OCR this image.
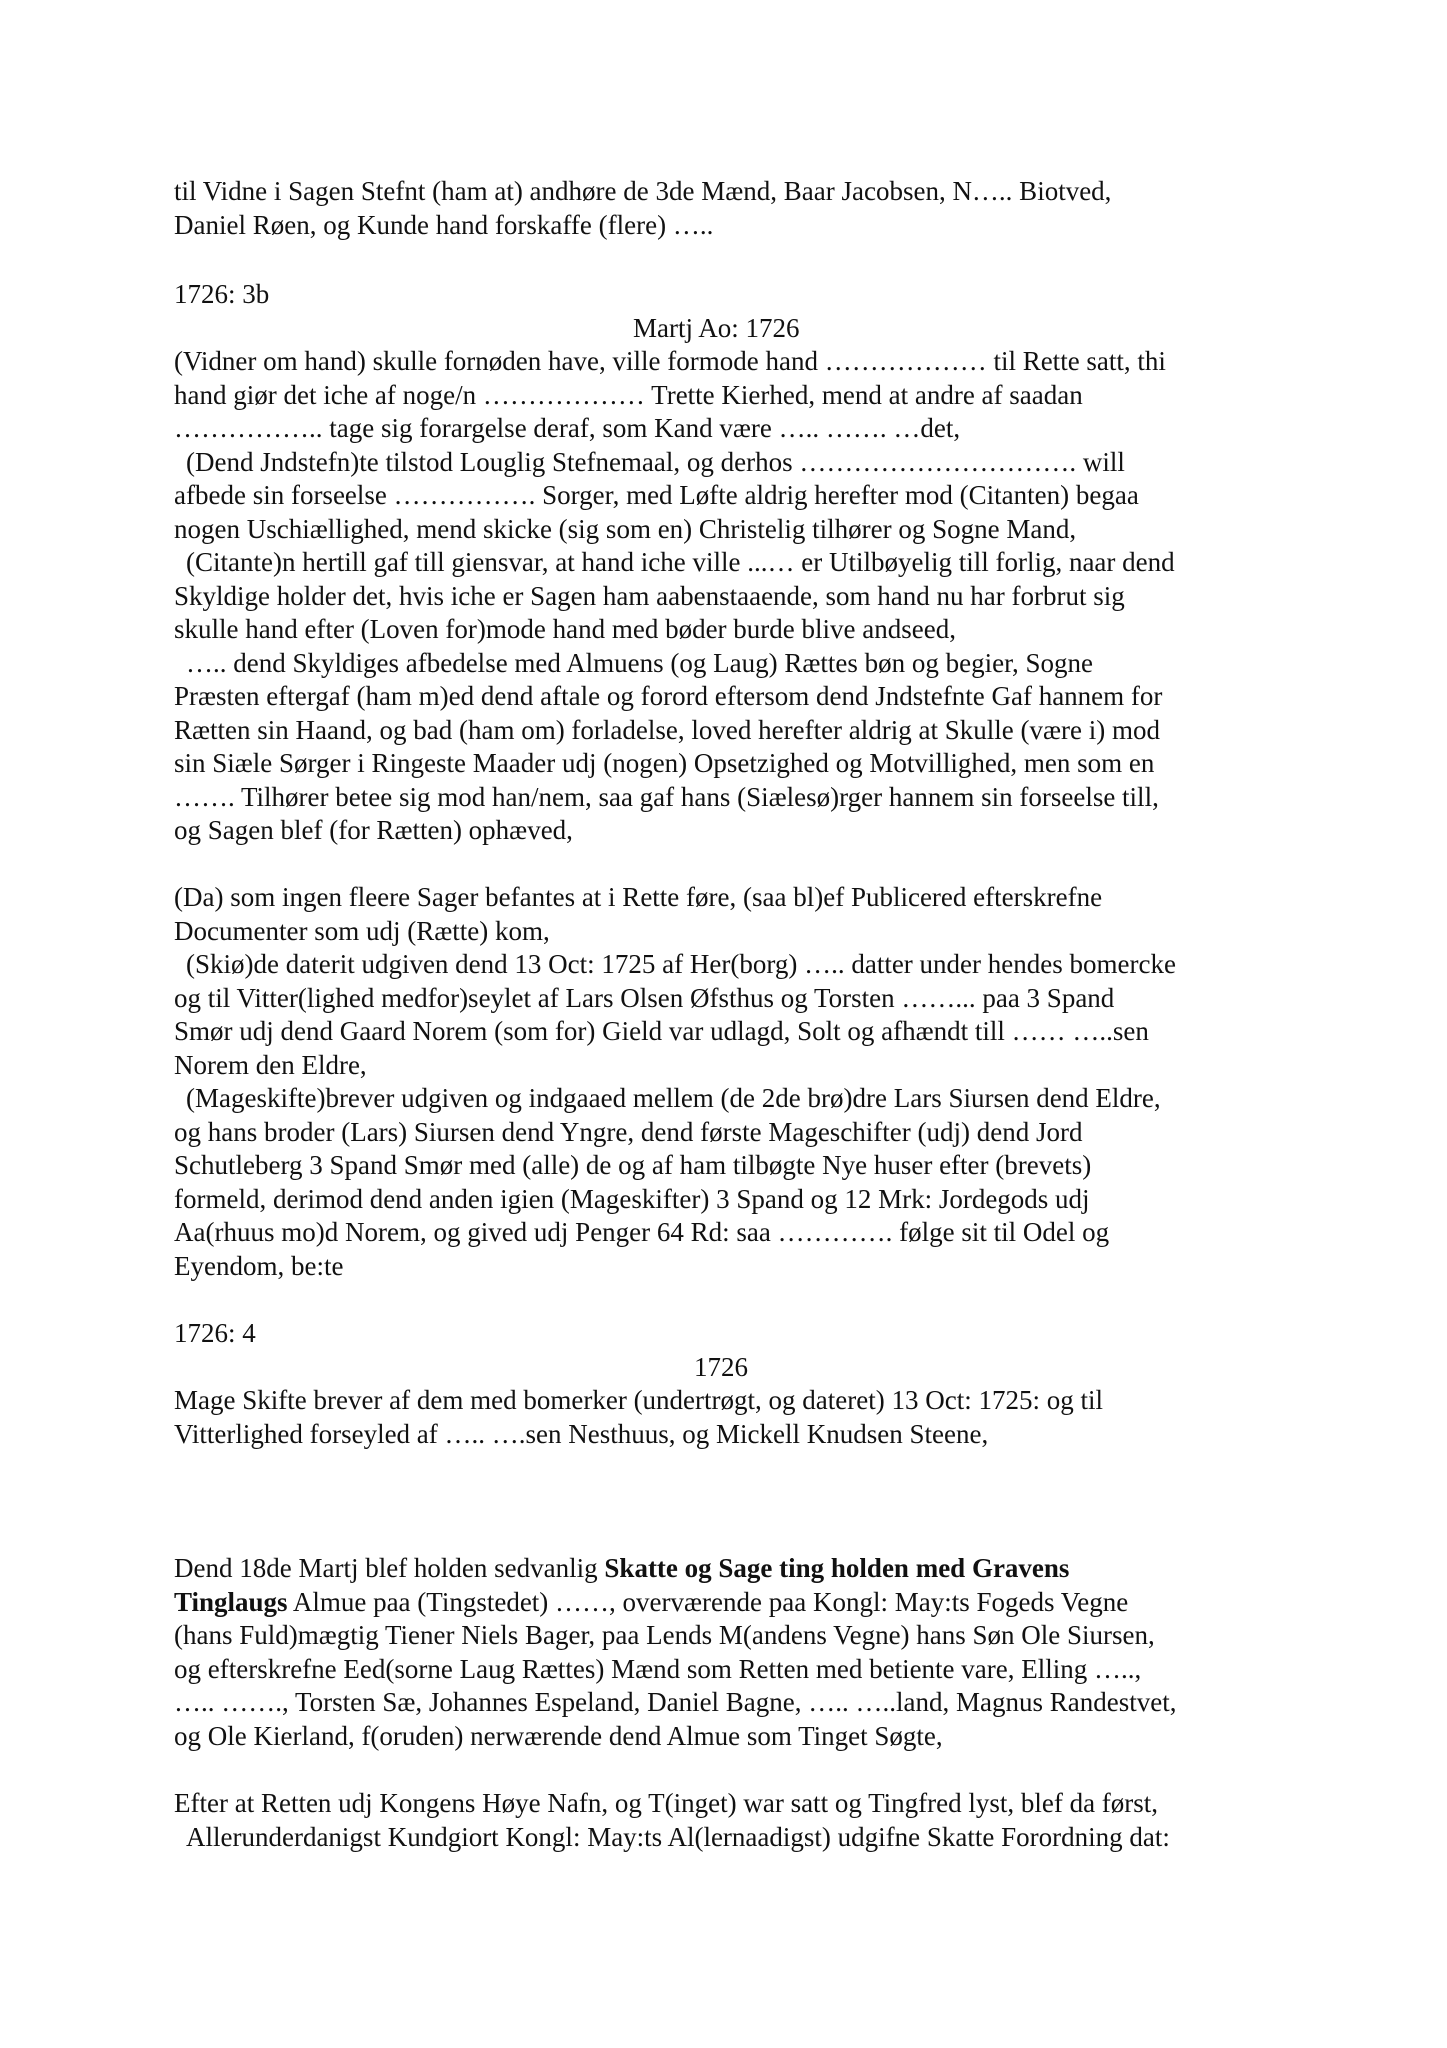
til Vidne i Sagen Stefnt (ham at) andhøre de 3de Mænd, Baar Jacobsen, N….. Biotved,
Daniel Røen, og Kunde hand forskaffe (flere) …..
1726: 3b
Martj Ao: 1726
(Vidner om hand) skulle fornøden have, ville formode hand ……………… til Rette satt, thi
hand giør det iche af noge/n ……………… Trette Kierhed, mend at andre af saadan
…………….. tage sig forargelse deraf, som Kand være ….. ……. …det,
(Dend Jndstefn)te tilstod Louglig Stefnemaal, og derhos …………………………. will
afbede sin forseelse ……………. Sorger, med Løfte aldrig herefter mod (Citanten) begaa
nogen Uschiællighed, mend skicke (sig som en) Christelig tilhører og Sogne Mand,
(Citante)n hertill gaf till giensvar, at hand iche ville ...… er Utilbøyelig till forlig, naar dend
Skyldige holder det, hvis iche er Sagen ham aabenstaaende, som hand nu har forbrut sig
skulle hand efter (Loven for)mode hand med bøder burde blive andseed,
….. dend Skyldiges afbedelse med Almuens (og Laug) Rættes bøn og begier, Sogne
Præsten eftergaf (ham m)ed dend aftale og forord eftersom dend Jndstefnte Gaf hannem for
Rætten sin Haand, og bad (ham om) forladelse, loved herefter aldrig at Skulle (være i) mod
sin Siæle Sørger i Ringeste Maader udj (nogen) Opsetzighed og Motvillighed, men som en
……. Tilhører betee sig mod han/nem, saa gaf hans (Siælesø)rger hannem sin forseelse till,
og Sagen blef (for Rætten) ophæved,
(Da) som ingen fleere Sager befantes at i Rette føre, (saa bl)ef Publicered efterskrefne
Documenter som udj (Rætte) kom,
(Skiø)de daterit udgiven dend 13 Oct: 1725 af Her(borg) ….. datter under hendes bomercke
og til Vitter(lighed medfor)seylet af Lars Olsen Øfsthus og Torsten ……... paa 3 Spand
Smør udj dend Gaard Norem (som for) Gield var udlagd, Solt og afhændt till …… …..sen
Norem den Eldre,
(Mageskifte)brever udgiven og indgaaed mellem (de 2de brø)dre Lars Siursen dend Eldre,
og hans broder (Lars) Siursen dend Yngre, dend første Mageschifter (udj) dend Jord
Schutleberg 3 Spand Smør med (alle) de og af ham tilbøgte Nye huser efter (brevets)
formeld, derimod dend anden igien (Mageskifter) 3 Spand og 12 Mrk: Jordegods udj
Aa(rhuus mo)d Norem, og gived udj Penger 64 Rd: saa …………. følge sit til Odel og
Eyendom, be:te
1726: 4
1726
Mage Skifte brever af dem med bomerker (undertrøgt, og dateret) 13 Oct: 1725: og til
Vitterlighed forseyled af ….. ….sen Nesthuus, og Mickell Knudsen Steene,
Dend 18de Martj blef holden sedvanlig Skatte og Sage ting holden med Gravens
Tinglaugs Almue paa (Tingstedet) ……, overværende paa Kongl: May:ts Fogeds Vegne
(hans Fuld)mægtig Tiener Niels Bager, paa Lends M(andens Vegne) hans Søn Ole Siursen,
og efterskrefne Eed(sorne Laug Rættes) Mænd som Retten med betiente vare, Elling …..,
….. ……., Torsten Sæ, Johannes Espeland, Daniel Bagne, ….. …..land, Magnus Randestvet,
og Ole Kierland, f(oruden) nerwærende dend Almue som Tinget Søgte,
Efter at Retten udj Kongens Høye Nafn, og T(inget) war satt og Tingfred lyst, blef da først,
Allerunderdanigst Kundgiort Kongl: May:ts Al(lernaadigst) udgifne Skatte Forordning dat:
